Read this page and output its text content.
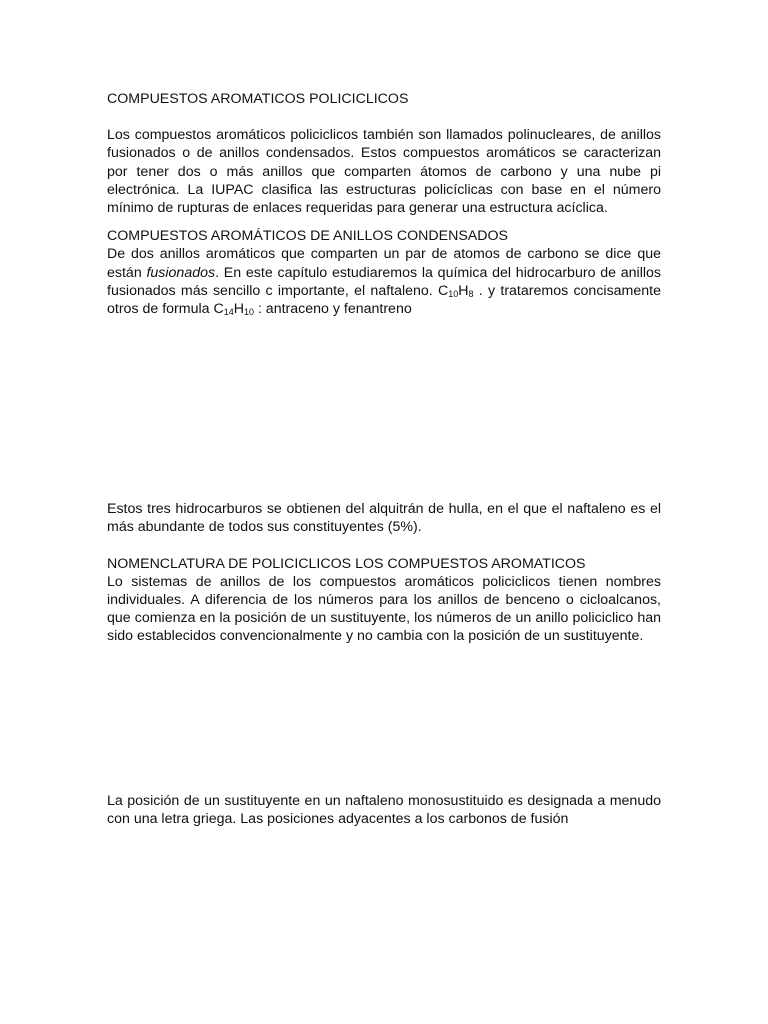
COMPUESTOS AROMATICOS POLICICLICOS

Los compuestos aromáticos policiclicos también son llamados polinucleares, de anillos fusionados o de anillos condensados. Estos compuestos aromáticos se caracterizan por tener dos o más anillos que comparten átomos de carbono y una nube pi electrónica. La IUPAC clasifica las estructuras policíclicas con base en el número mínimo de rupturas de enlaces requeridas para generar una estructura acíclica.

COMPUESTOS AROMÁTICOS DE ANILLOS CONDENSADOS

De dos anillos aromáticos que comparten un par de atomos de carbono se dice que están fusionados. En este capítulo estudiaremos la química del hidrocarburo de anillos fusionados más sencillo c importante, el naftaleno. $C_{10}H_8$ . y trataremos concisamente otros de formula $C_{14}H_{10}$ : antraceno y fenantreno

Estos tres hidrocarburos se obtienen del alquitrán de hulla, en el que el naftaleno es el más abundante de todos sus constituyentes (5%).

NOMENCLATURA DE POLICICLICOS LOS COMPUESTOS AROMATICOS

Lo sistemas de anillos de los compuestos aromáticos policiclicos tienen nombres individuales. A diferencia de los números para los anillos de benceno o cicloalcanos, que comienza en la posición de un sustituyente, los números de un anillo policiclico han sido establecidos convencionalmente y no cambia con la posición de un sustituyente.

La posición de un sustituyente en un naftaleno monosustituido es designada a menudo con una letra griega. Las posiciones adyacentes a los carbonos de fusión
